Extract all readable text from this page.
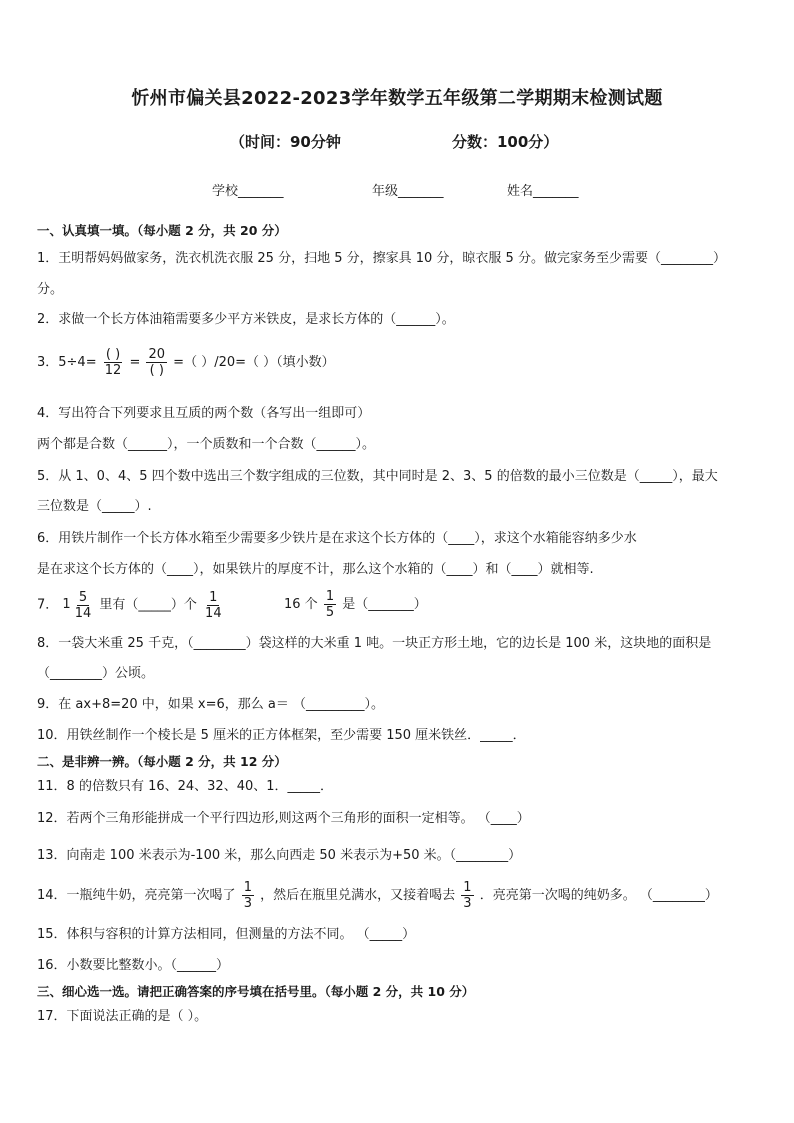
忻州市偏关县2022-2023学年数学五年级第二学期期末检测试题
（时间：90分钟	分数：100分）
学校_______	年级_______	姓名_______
一、认真填一填。（每小题 2 分，共 20 分）
1．王明帮妈妈做家务，洗衣机洗衣服 25 分，扫地 5 分，擦家具 10 分，晾衣服 5 分。做完家务至少需要（________）
分。
2．求做一个长方体油箱需要多少平方米铁皮，是求长方体的（______）。
3．$5\div 4= \frac{( )}{12} = \frac{20}{( )}$ =（ ）/20=（ ）（填小数）
4．写出符合下列要求且互质的两个数（各写出一组即可）
两个都是合数（______），一个质数和一个合数（______）。
5．从 1、0、4、5 四个数中选出三个数字组成的三位数，其中同时是 2、3、5 的倍数的最小三位数是（_____），最大
三位数是（_____）.
6．用铁片制作一个长方体水箱至少需要多少铁片是在求这个长方体的（____），求这个水箱能容纳多少水
是在求这个长方体的（____），如果铁片的厚度不计，那么这个水箱的（____）和（____）就相等.
7． $1 \frac{5}{14}$ 里有（_____）个 $\frac{1}{14}$	16 个 $\frac{1}{5}$ 是（_______）
8．一袋大米重 25 千克，（________）袋这样的大米重 1 吨。一块正方形土地，它的边长是 100 米，这块地的面积是
（________）公顷。
9．在 ax+8=20 中，如果 x=6，那么 a＝ （_________）。
10．用铁丝制作一个棱长是 5 厘米的正方体框架，至少需要 150 厘米铁丝．_____．
二、是非辨一辨。（每小题 2 分，共 12 分）
11．8 的倍数只有 16、24、32、40、1．_____．
12．若两个三角形能拼成一个平行四边形,则这两个三角形的面积一定相等。 （____）
13．向南走 100 米表示为-100 米，那么向西走 50 米表示为+50 米。（________）
14．一瓶纯牛奶，亮亮第一次喝了 $\frac{1}{3}$ ，然后在瓶里兑满水，又接着喝去 $\frac{1}{3}$ ．亮亮第一次喝的纯奶多。 （________）
15．体积与容积的计算方法相同，但测量的方法不同。 （_____）
16．小数要比整数小。（______）
三、细心选一选。请把正确答案的序号填在括号里。（每小题 2 分，共 10 分）
17．下面说法正确的是（ ）。
